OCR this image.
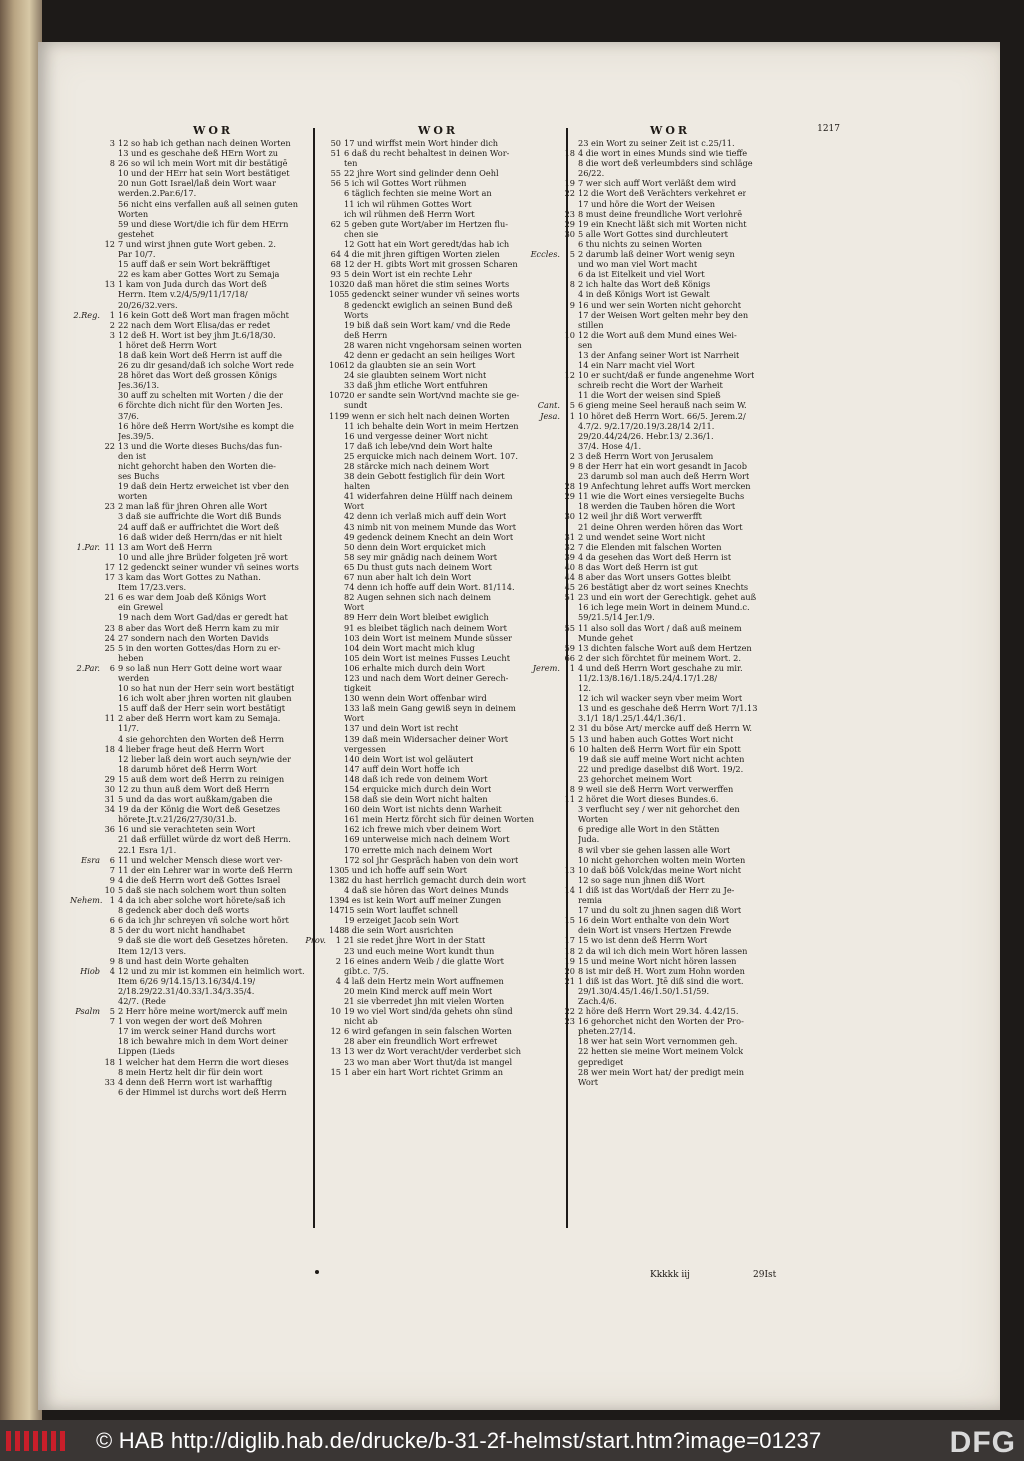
1217
WOR	WOR	WOR
3 12 so hab ich gethan nach deinen Worten
13 und es geschahe deß HErn Wort zu
8 26 so wil ich mein Wort mit dir bestätigē
10 und der HErr hat sein Wort bestätiget
20 nun Gott Israel/laß dein Wort waar
werden.2.Par.6/17.
56 nicht eins verfallen auß all seinen guten
Worten
59 und diese Wort/die ich für dem HErrn
gestehet
12 7 und wirst jhnen gute Wort geben. 2.
Par 10/7.
15 auff daß er sein Wort bekräfftiget
22 es kam aber Gottes Wort zu Semaja
13 1 kam von Juda durch das Wort deß
Herrn. Item v.2/4/5/9/11/17/18/
20/26/32.vers.
2.Reg.	1 16 kein Gott deß Wort man fragen möcht
2 22 nach dem Wort Elisa/das er redet
3 12 deß H. Wort ist bey jhm Jt.6/18/30.
1 höret deß Herrn Wort
18 daß kein Wort deß Herrn ist auff die
26 zu dir gesand/daß ich solche Wort rede
28 höret das Wort deß grossen Königs
Jes.36/13.
30 auff zu schelten mit Worten / die der
6 förchte dich nicht für den Worten Jes.
37/6.
16 höre deß Herrn Wort/sihe es kompt die
Jes.39/5.
22 13 und die Worte dieses Buchs/das fun-
den ist
nicht gehorcht haben den Worten die-
ses Buchs
19 daß dein Hertz erweichet ist vber den
worten
23 2 man laß für jhren Ohren alle Wort
3 daß sie auffrichte die Wort diß Bunds
24 auff daß er auffrichtet die Wort deß
16 daß wider deß Herrn/das er nit hielt
1.Par. 11 13 am Wort deß Herrn
10 und alle jhre Brüder folgeten jrē wort
17 12 gedenckt seiner wunder vñ seines worts
17 3 kam das Wort Gottes zu Nathan.
Item 17/23.vers.
21 6 es war dem Joab deß Königs Wort
ein Grewel
19 nach dem Wort Gad/das er geredt hat
23 8 aber das Wort deß Herrn kam zu mir
24 27 sondern nach den Worten Davids
25 5 in den worten Gottes/das Horn zu er-
heben
2.Par.	6 9 so laß nun Herr Gott deine wort waar
werden
10 so hat nun der Herr sein wort bestätigt
16 ich wolt aber jhren worten nit glauben
15 auff daß der Herr sein wort bestätigt
11 2 aber deß Herrn wort kam zu Semaja.
11/7.
4 sie gehorchten den Worten deß Herrn
18 4 lieber frage heut deß Herrn Wort
12 lieber laß dein wort auch seyn/wie der
18 darumb höret deß Herrn Wort
29 15 auß dem wort deß Herrn zu reinigen
30 12 zu thun auß dem Wort deß Herrn
31 5 und da das wort außkam/gaben die
34 19 da der König die Wort deß Gesetzes
hörete.Jt.v.21/26/27/30/31.b.
36 16 und sie verachteten sein Wort
21 daß erfüllet würde dz wort deß Herrn.
22.1 Esra 1/1.
Esra	6 11 und welcher Mensch diese wort ver-
7 11 der ein Lehrer war in worte deß Herrn
9 4 die deß Herrn wort deß Gottes Israel
10 5 daß sie nach solchem wort thun solten
Nehem. 1 4 da ich aber solche wort hörete/saß ich
8 gedenck aber doch deß worts
6 6 da ich jhr schreyen vñ solche wort hört
8 5 der du wort nicht handhabet
9 daß sie die wort deß Gesetzes höreten.
Item 12/13 vers.
9 8 und hast dein Worte gehalten
Hiob	4 12 und zu mir ist kommen ein heimlich wort.
Item 6/26 9/14.15/13.16/34/4.19/
2/18.29/22.31/40.33/1.34/3.35/4.
42/7. (Rede
Psalm	5 2 Herr höre meine wort/merck auff mein
7 1 von wegen der wort deß Mohren
17 im werck seiner Hand durchs wort
18 ich bewahre mich in dem Wort deiner
Lippen (Lieds
18 1 welcher hat dem Herrn die wort dieses
8 mein Hertz helt dir für dein wort
33 4 denn deß Herrn wort ist warhafftig
6 der Himmel ist durchs wort deß Herrn
50 17 und wirffst mein Wort hinder dich
51 6 daß du recht behaltest in deinen Wor-
ten
55 22 jhre Wort sind gelinder denn Oehl
56 5 ich wil Gottes Wort rühmen
6 täglich fechten sie meine Wort an
11 ich wil rühmen Gottes Wort
ich wil rühmen deß Herrn Wort
62 5 geben gute Wort/aber im Hertzen flu-
chen sie
12 Gott hat ein Wort geredt/das hab ich
64 4 die mit jhren giftigen Worten zielen
68 12 der H. gibts Wort mit grossen Scharen
93 5 dein Wort ist ein rechte Lehr
103 20 daß man höret die stim seines Worts
105 5 gedenckt seiner wunder vñ seines worts
8 gedenckt ewiglich an seinen Bund deß
Worts
19 biß daß sein Wort kam/ vnd die Rede
deß Herrn
28 waren nicht vngehorsam seinen worten
42 denn er gedacht an sein heiliges Wort
106 12 da glaubten sie an sein Wort
24 sie glaubten seinem Wort nicht
33 daß jhm etliche Wort entfuhren
107 20 er sandte sein Wort/vnd machte sie ge-
sundt
119 9 wenn er sich helt nach deinen Worten
11 ich behalte dein Wort in meim Hertzen
16 und vergesse deiner Wort nicht
17 daß ich lebe/vnd dein Wort halte
25 erquicke mich nach deinem Wort. 107.
28 stärcke mich nach deinem Wort
38 dein Gebott festiglich für dein Wort
halten
41 widerfahren deine Hülff nach deinem
Wort
42 denn ich verlaß mich auff dein Wort
43 nimb nit von meinem Munde das Wort
49 gedenck deinem Knecht an dein Wort
50 denn dein Wort erquicket mich
58 sey mir gnädig nach deinem Wort
65 Du thust guts nach deinem Wort
67 nun aber halt ich dein Wort
74 denn ich hoffe auff dein Wort. 81/114.
82 Augen sehnen sich nach deinem
Wort
89 Herr dein Wort bleibet ewiglich
91 es bleibet täglich nach deinem Wort
103 dein Wort ist meinem Munde süsser
104 dein Wort macht mich klug
105 dein Wort ist meines Fusses Leucht
106 erhalte mich durch dein Wort
123 und nach dem Wort deiner Gerech-
tigkeit
130 wenn dein Wort offenbar wird
133 laß mein Gang gewiß seyn in deinem
Wort
137 und dein Wort ist recht
139 daß mein Widersacher deiner Wort
vergessen
140 dein Wort ist wol geläutert
147 auff dein Wort hoffe ich
148 daß ich rede von deinem Wort
154 erquicke mich durch dein Wort
158 daß sie dein Wort nicht halten
160 dein Wort ist nichts denn Warheit
161 mein Hertz förcht sich für deinen Worten
162 ich frewe mich vber deinem Wort
169 unterweise mich nach deinem Wort
170 errette mich nach deinem Wort
172 sol jhr Gespräch haben von dein wort
130 5 und ich hoffe auff sein Wort
138 2 du hast herrlich gemacht durch dein wort
4 daß sie hören das Wort deines Munds
139 4 es ist kein Wort auff meiner Zungen
147 15 sein Wort lauffet schnell
19 erzeiget Jacob sein Wort
148 8 die sein Wort ausrichten
Prov.	1 21 sie redet jhre Wort in der Statt
23 und euch meine Wort kundt thun
2 16 eines andern Weib / die glatte Wort
gibt.c. 7/5.
4 4 laß dein Hertz mein Wort auffnemen
20 mein Kind merck auff mein Wort
21 sie vberredet jhn mit vielen Worten
10 19 wo viel Wort sind/da gehets ohn sünd
nicht ab
12 6 wird gefangen in sein falschen Worten
28 aber ein freundlich Wort erfrewet
13 13 wer dz Wort veracht/der verderbet sich
23 wo man aber Wort thut/da ist mangel
15 1 aber ein hart Wort richtet Grimm an
23 ein Wort zu seiner Zeit ist c.25/11.
18 4 die wort in eines Munds sind wie tieffe
8 die wort deß verleumbders sind schläge
26/22.
19 7 wer sich auff Wort verläßt dem wird
22 12 die Wort deß Verächters verkehret er
17 und höre die Wort der Weisen
23 8 must deine freundliche Wort verlohrē
29 19 ein Knecht läßt sich mit Worten nicht
30 5 alle Wort Gottes sind durchleutert
6 thu nichts zu seinen Worten
Eccles.	5 2 darumb laß deiner Wort wenig seyn
und wo man viel Wort macht
6 da ist Eitelkeit und viel Wort
8 2 ich halte das Wort deß Königs
4 in deß Königs Wort ist Gewalt
9 16 und wer sein Worten nicht gehorcht
17 der Weisen Wort gelten mehr bey den
stillen
10 12 die Wort auß dem Mund eines Wei-
sen
13 der Anfang seiner Wort ist Narrheit
14 ein Narr macht viel Wort
12 10 er sucht/daß er funde angenehme Wort
schreib recht die Wort der Warheit
11 die Wort der weisen sind Spieß
Cant.	5 6 gieng meine Seel herauß nach seim W.
Jesa.	1 10 höret deß Herrn Wort. 66/5. Jerem.2/
4.7/2. 9/2.17/20.19/3.28/14 2/11.
29/20.44/24/26. Hebr.13/ 2.36/1.
37/4. Hose 4/1.
2 3 deß Herrn Wort von Jerusalem
9 8 der Herr hat ein wort gesandt in Jacob
23 darumb sol man auch deß Herrn Wort
28 19 Anfechtung lehret auffs Wort mercken
29 11 wie die Wort eines versiegelte Buchs
18 werden die Tauben hören die Wort
30 12 weil jhr diß Wort verwerfft
21 deine Ohren werden hören das Wort
31 2 und wendet seine Wort nicht
32 7 die Elenden mit falschen Worten
39 4 da gesehen das Wort deß Herrn ist
40 8 das Wort deß Herrn ist gut
44 8 aber das Wort unsers Gottes bleibt
45 26 bestätigt aber dz wort seines Knechts
51 23 und ein wort der Gerechtigk. gehet auß
16 ich lege mein Wort in deinem Mund.c.
59/21.5/14 Jer.1/9.
55 11 also soll das Wort / daß auß meinem
Munde gehet
59 13 dichten falsche Wort auß dem Hertzen
66 2 der sich förchtet für meinem Wort. 2.
Jerem.	1 4 und deß Herrn Wort geschahe zu mir.
11/2.13/8.16/1.18/5.24/4.17/1.28/
12.
12 ich wil wacker seyn vber meim Wort
13 und es geschahe deß Herrn Wort 7/1.13
3.1/1 18/1.25/1.44/1.36/1.
2 31 du böse Art/ mercke auff deß Herrn W.
5 13 und haben auch Gottes Wort nicht
6 10 halten deß Herrn Wort für ein Spott
19 daß sie auff meine Wort nicht achten
22 und predige daselbst diß Wort. 19/2.
23 gehorchet meinem Wort
8 9 weil sie deß Herrn Wort verwerffen
11 2 höret die Wort dieses Bundes.6.
3 verflucht sey / wer nit gehorchet den
Worten
6 predige alle Wort in den Stätten
Juda.
8 wil vber sie gehen lassen alle Wort
10 nicht gehorchen wolten mein Worten
13 10 daß böß Volck/das meine Wort nicht
12 so sage nun jhnen diß Wort
14 1 diß ist das Wort/daß der Herr zu Je-
remia
17 und du solt zu jhnen sagen diß Wort
15 16 dein Wort enthalte von dein Wort
dein Wort ist vnsers Hertzen Frewde
17 15 wo ist denn deß Herrn Wort
18 2 da wil ich dich mein Wort hören lassen
19 15 und meine Wort nicht hören lassen
20 8 ist mir deß H. Wort zum Hohn worden
21 1 diß ist das Wort. Jtē diß sind die wort.
29/1.30/4.45/1.46/1.50/1.51/59.
Zach.4/6.
22 2 höre deß Herrn Wort 29.34. 4.42/15.
23 16 gehorchet nicht den Worten der Pro-
pheten.27/14.
18 wer hat sein Wort vernommen geh.
22 hetten sie meine Wort meinem Volck
geprediget
28 wer mein Wort hat/ der predigt mein
Wort
Kkkkk iij	29Ist
© HAB http://diglib.hab.de/drucke/b-31-2f-helmst/start.htm?image=01237	DFG
